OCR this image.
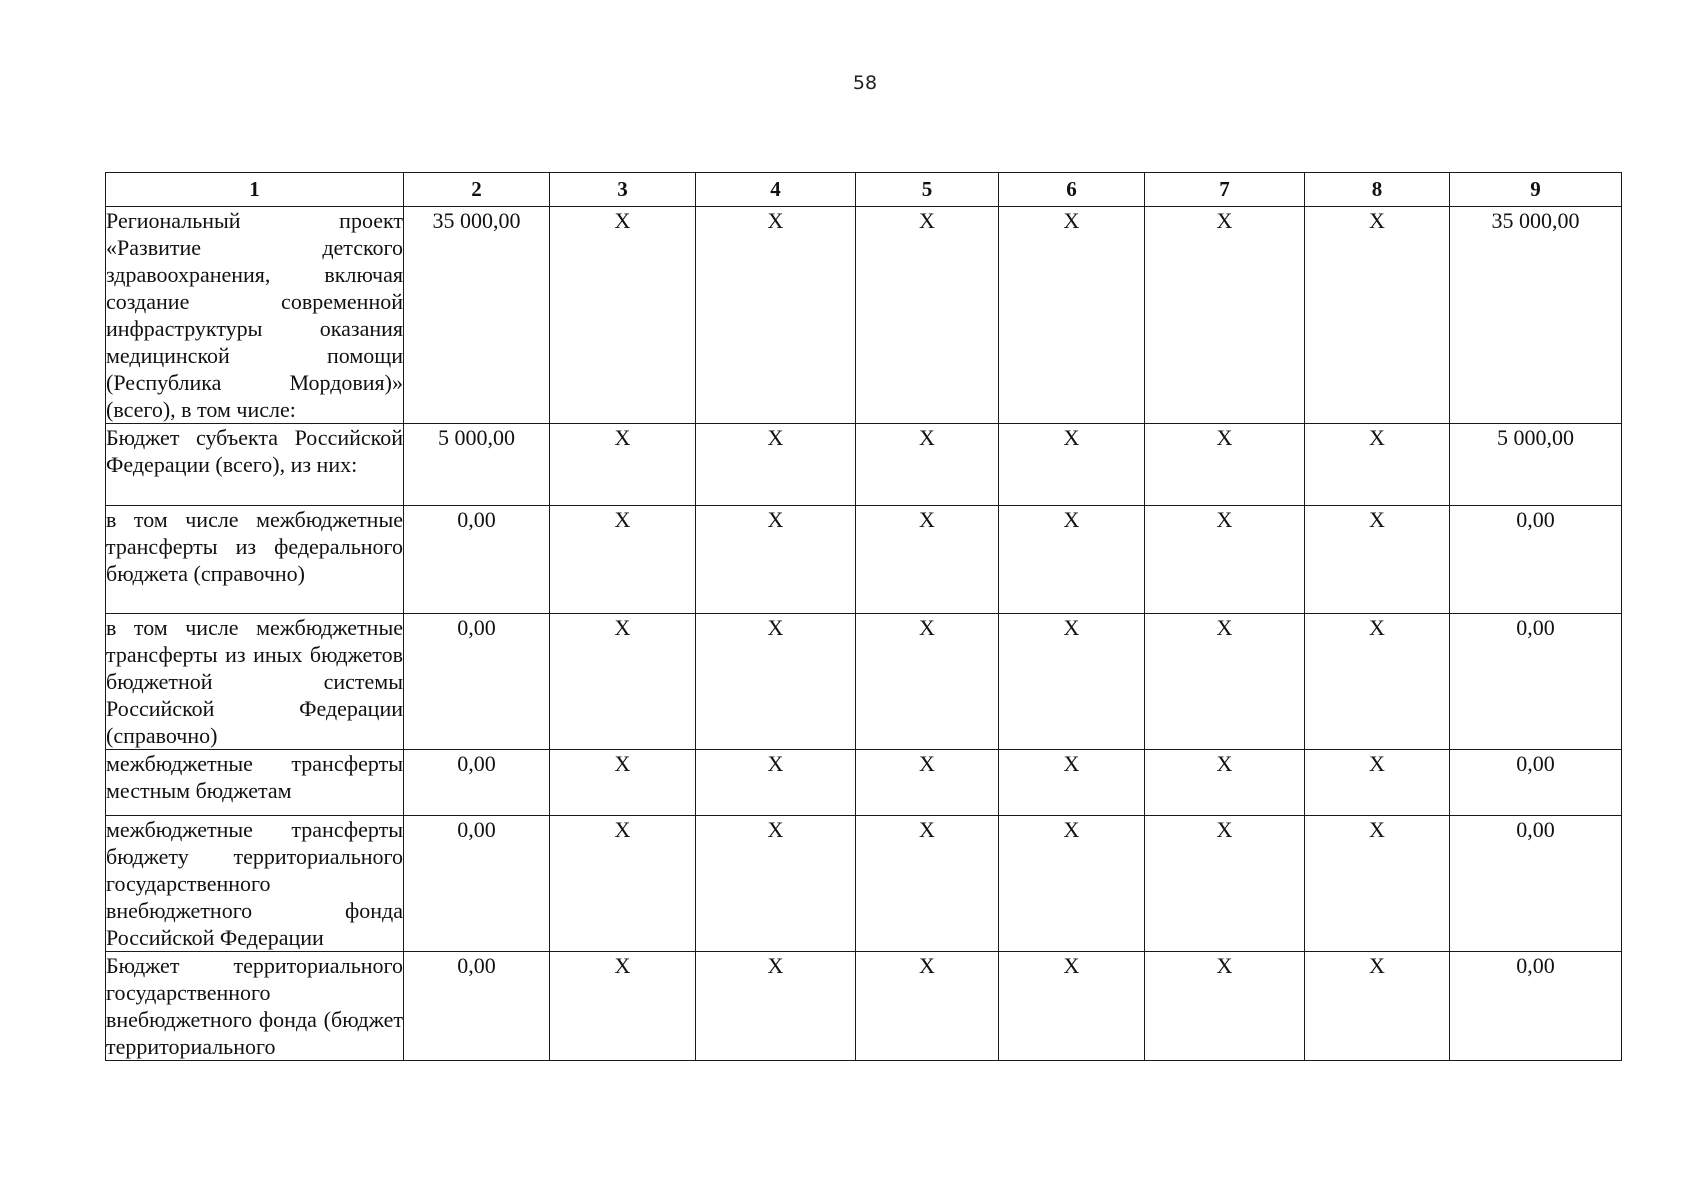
58
1	2	3	4	5	6	7	8	9
Региональный проект «Развитие детского здравоохранения, включая создание современной инфраструктуры оказания медицинской помощи (Республика Мордовия)» (всего), в том числе:	35 000,00	X	X	X	X	X	X	35 000,00
Бюджет субъекта Российской Федерации (всего), из них:	5 000,00	X	X	X	X	X	X	5 000,00
в том числе межбюджетные трансферты из федерального бюджета (справочно)	0,00	X	X	X	X	X	X	0,00
в том числе межбюджетные трансферты из иных бюджетов бюджетной системы Российской Федерации (справочно)	0,00	X	X	X	X	X	X	0,00
межбюджетные трансферты местным бюджетам	0,00	X	X	X	X	X	X	0,00
межбюджетные трансферты бюджету территориального государственного внебюджетного фонда Российской Федерации	0,00	X	X	X	X	X	X	0,00
Бюджет территориального государственного внебюджетного фонда (бюджет территориального	0,00	X	X	X	X	X	X	0,00
